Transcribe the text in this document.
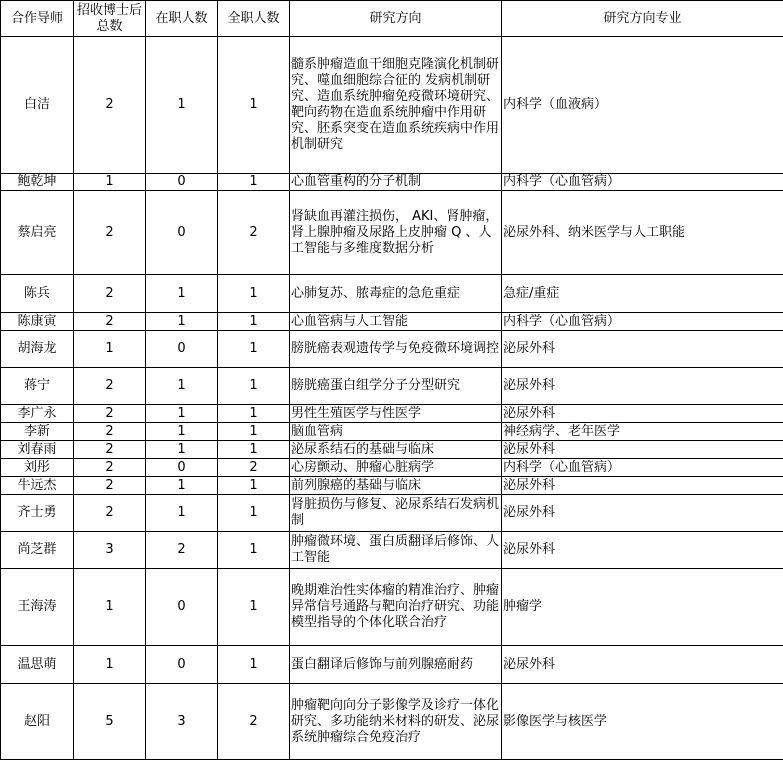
合作导师	招收博士后总数	在职人数	全职人数	研究方向	研究方向专业
白洁	2	1	1	髓系肿瘤造血干细胞克隆演化机制研究、噬血细胞综合征的 发病机制研究、造血系统肿瘤免疫微环境研究、靶向药物在造血系统肿瘤中作用研究、胚系突变在造血系统疾病中作用机制研究	内科学（血液病）
鲍乾坤	1	0	1	心血管重构的分子机制	内科学（心血管病）
蔡启亮	2	0	2	肾缺血再灌注损伤， AKI、肾肿瘤，肾上腺肿瘤及尿路上皮肿瘤 Q 、人工智能与多维度数据分析	泌尿外科、纳米医学与人工职能
陈兵	2	1	1	心肺复苏、脓毒症的急危重症	急症/重症
陈康寅	2	1	1	心血管病与人工智能	内科学（心血管病）
胡海龙	1	0	1	膀胱癌表观遗传学与免疫微环境调控	泌尿外科
蒋宁	2	1	1	膀胱癌蛋白组学分子分型研究	泌尿外科
李广永	2	1	1	男性生殖医学与性医学	泌尿外科
李新	2	1	1	脑血管病	神经病学、老年医学
刘春雨	2	1	1	泌尿系结石的基础与临床	泌尿外科
刘彤	2	0	2	心房颤动、肿瘤心脏病学	内科学（心血管病）
牛远杰	2	1	1	前列腺癌的基础与临床	泌尿外科
齐士勇	2	1	1	肾脏损伤与修复、泌尿系结石发病机制	泌尿外科
尚芝群	3	2	1	肿瘤微环境、蛋白质翻译后修饰、人工智能	泌尿外科
王海涛	1	0	1	晚期难治性实体瘤的精准治疗、肿瘤异常信号通路与靶向治疗研究、功能模型指导的个体化联合治疗	肿瘤学
温思萌	1	0	1	蛋白翻译后修饰与前列腺癌耐药	泌尿外科
赵阳	5	3	2	肿瘤靶向向分子影像学及诊疗一体化研究、多功能纳米材料的研发、泌尿系统肿瘤综合免疫治疗	影像医学与核医学
